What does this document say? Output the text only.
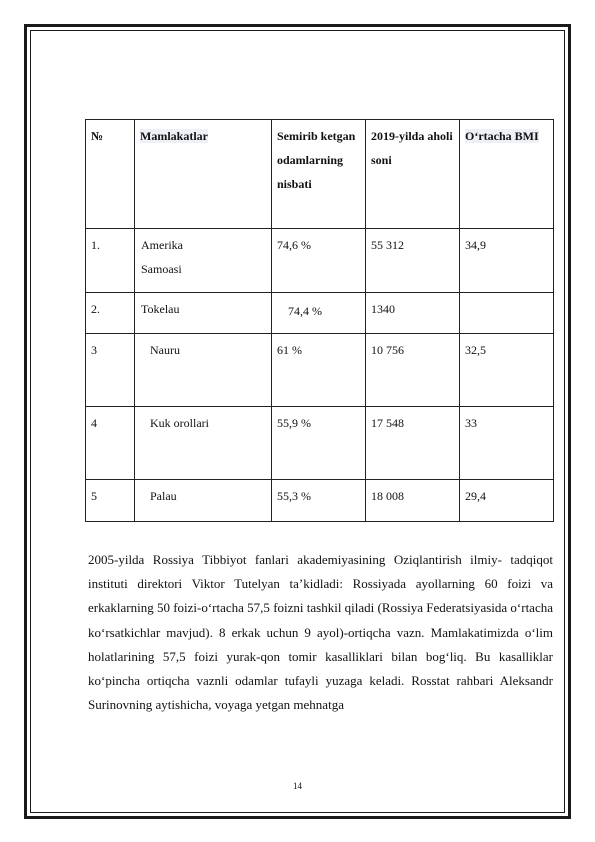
№	Mamlakatlar	Semirib ketgan odamlarning nisbati	2019-yilda aholi soni	Oʻrtacha BMI
1.	Amerika Samoasi	74,6 %	55 312	34,9
2.	Tokelau	74,4 %	1340	
3	Nauru	61 %	10 756	32,5
4	Kuk orollari	55,9 %	17 548	33
5	Palau	55,3 %	18 008	29,4
2005-yilda Rossiya Tibbiyot fanlari akademiyasining Oziqlantirish ilmiy- tadqiqot instituti direktori Viktor Tutelyan taʼkidladi: Rossiyada ayollarning 60 foizi va erkaklarning 50 foizi-oʻrtacha 57,5 foizni tashkil qiladi (Rossiya Federatsiyasida oʻrtacha koʻrsatkichlar mavjud). 8 erkak uchun 9 ayol)-ortiqcha vazn. Mamlakatimizda oʻlim holatlarining 57,5 foizi yurak-qon tomir kasalliklari bilan bogʻliq. Bu kasalliklar koʻpincha ortiqcha vaznli odamlar tufayli yuzaga keladi. Rosstat rahbari Aleksandr Surinovning aytishicha, voyaga yetgan mehnatga
14
